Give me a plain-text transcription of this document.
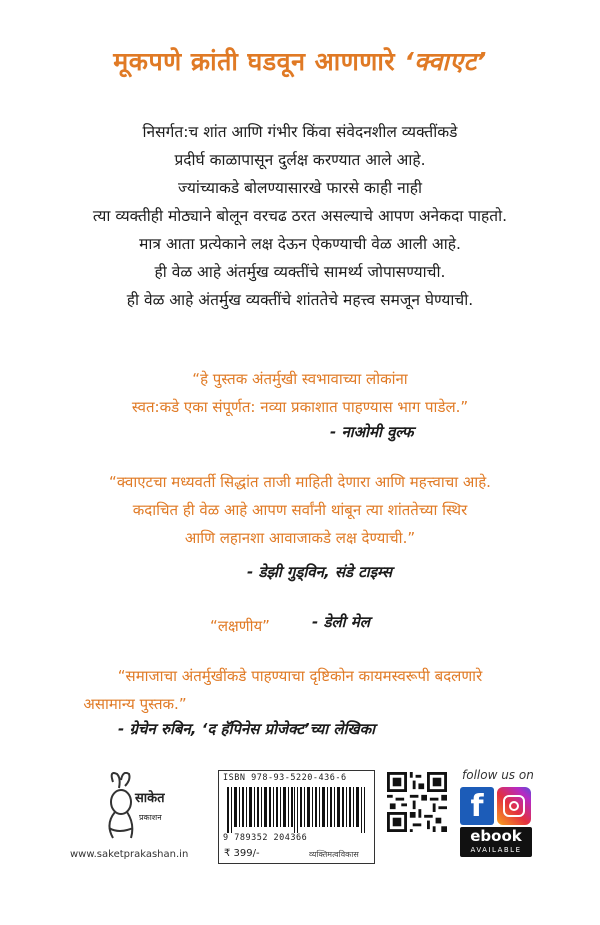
मूकपणे क्रांती घडवून आणणारे ‘क्वाएट’
निसर्गत:च शांत आणि गंभीर किंवा संवेदनशील व्यक्तींकडे
प्रदीर्घ काळापासून दुर्लक्ष करण्यात आले आहे.
ज्यांच्याकडे बोलण्यासारखे फारसे काही नाही
त्या व्यक्तीही मोठ्याने बोलून वरचढ ठरत असल्याचे आपण अनेकदा पाहतो.
मात्र आता प्रत्येकाने लक्ष देऊन ऐकण्याची वेळ आली आहे.
ही वेळ आहे अंतर्मुख व्यक्तींचे सामर्थ्य जोपासण्याची.
ही वेळ आहे अंतर्मुख व्यक्तींचे शांततेचे महत्त्व समजून घेण्याची.
“हे पुस्तक अंतर्मुखी स्वभावाच्या लोकांना
स्वत:कडे एका संपूर्णत: नव्या प्रकाशात पाहण्यास भाग पाडेल.”
- नाओमी वुल्फ
“क्वाएटचा मध्यवर्ती सिद्धांत ताजी माहिती देणारा आणि महत्त्वाचा आहे.
कदाचित ही वेळ आहे आपण सर्वांनी थांबून त्या शांततेच्या स्थिर
आणि लहानशा आवाजाकडे लक्ष देण्याची.”
- डेझी गुड्विन, संडे टाइम्स
“लक्षणीय”	- डेली मेल
“समाजाचा अंतर्मुखींकडे पाहण्याचा दृष्टिकोन कायमस्वरूपी बदलणारे
असामान्य पुस्तक.”
- ग्रेचेन रुबिन, ‘द हॅपिनेस प्रोजेक्ट’च्या लेखिका
साकेत
प्रकाशन
www.saketprakashan.in
ISBN 978-93-5220-436-6
9 789352 204366
₹ 399/-	व्यक्तिमत्वविकास
follow us on
f
ebook
AVAILABLE
